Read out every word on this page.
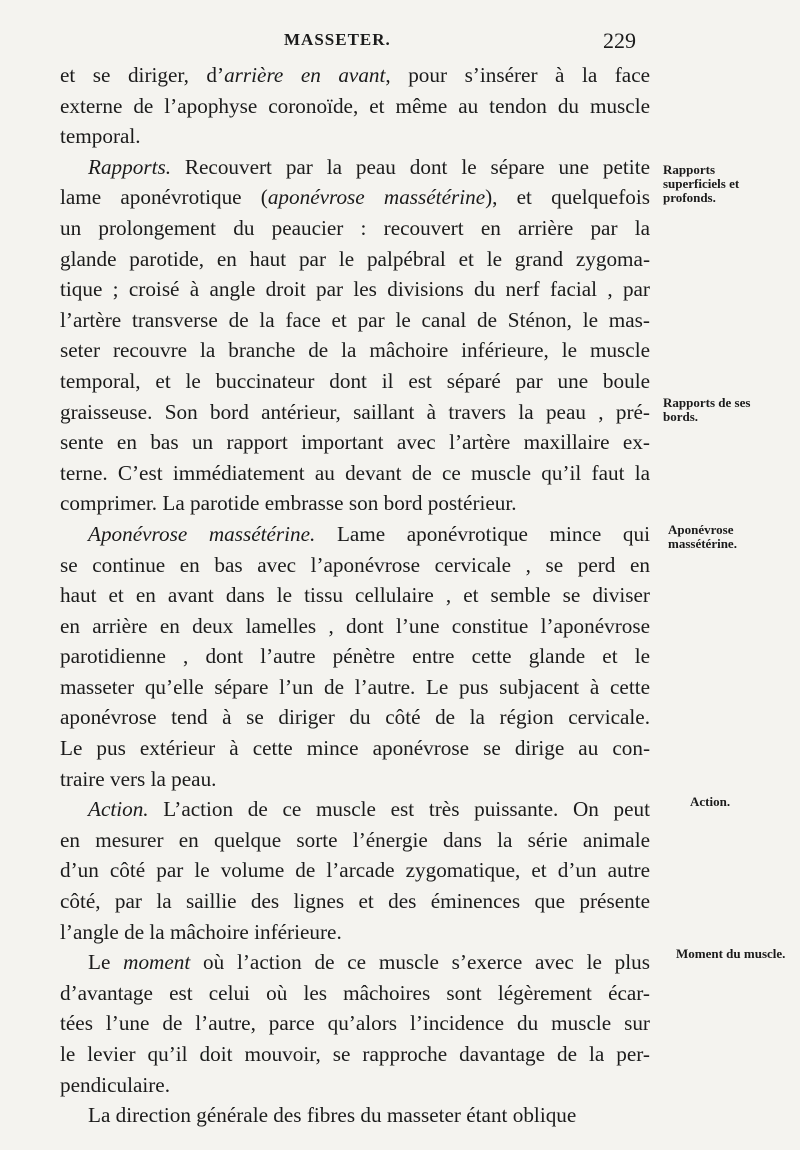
MASSETER.	229

et se diriger, d’arrière en avant, pour s’insérer à la face
externe de l’apophyse coronoïde, et même au tendon du muscle
temporal.

Rapports. Recouvert par la peau dont le sépare une petite
lame aponévrotique (aponévrose massétérine), et quelquefois
un prolongement du peaucier : recouvert en arrière par la
glande parotide, en haut par le palpébral et le grand zygoma-
tique ; croisé à angle droit par les divisions du nerf facial , par
l’artère transverse de la face et par le canal de Sténon, le mas-
seter recouvre la branche de la mâchoire inférieure, le muscle
temporal, et le buccinateur dont il est séparé par une boule
graisseuse. Son bord antérieur, saillant à travers la peau , pré-
sente en bas un rapport important avec l’artère maxillaire ex-
terne. C’est immédiatement au devant de ce muscle qu’il faut la
comprimer. La parotide embrasse son bord postérieur.

Aponévrose massétérine. Lame aponévrotique mince qui
se continue en bas avec l’aponévrose cervicale , se perd en
haut et en avant dans le tissu cellulaire , et semble se diviser
en arrière en deux lamelles , dont l’une constitue l’aponévrose
parotidienne , dont l’autre pénètre entre cette glande et le
masseter qu’elle sépare l’un de l’autre. Le pus subjacent à cette
aponévrose tend à se diriger du côté de la région cervicale.
Le pus extérieur à cette mince aponévrose se dirige au con-
traire vers la peau.

Action. L’action de ce muscle est très puissante. On peut
en mesurer en quelque sorte l’énergie dans la série animale
d’un côté par le volume de l’arcade zygomatique, et d’un autre
côté, par la saillie des lignes et des éminences que présente
l’angle de la mâchoire inférieure.

Le moment où l’action de ce muscle s’exerce avec le plus
d’avantage est celui où les mâchoires sont légèrement écar-
tées l’une de l’autre, parce qu’alors l’incidence du muscle sur
le levier qu’il doit mouvoir, se rapproche davantage de la per-
pendiculaire.

La direction générale des fibres du masseter étant oblique

Rapports superficiels et profonds.
Rapports de ses bords.
Aponévrose massétérine.
Action.
Moment du muscle.
